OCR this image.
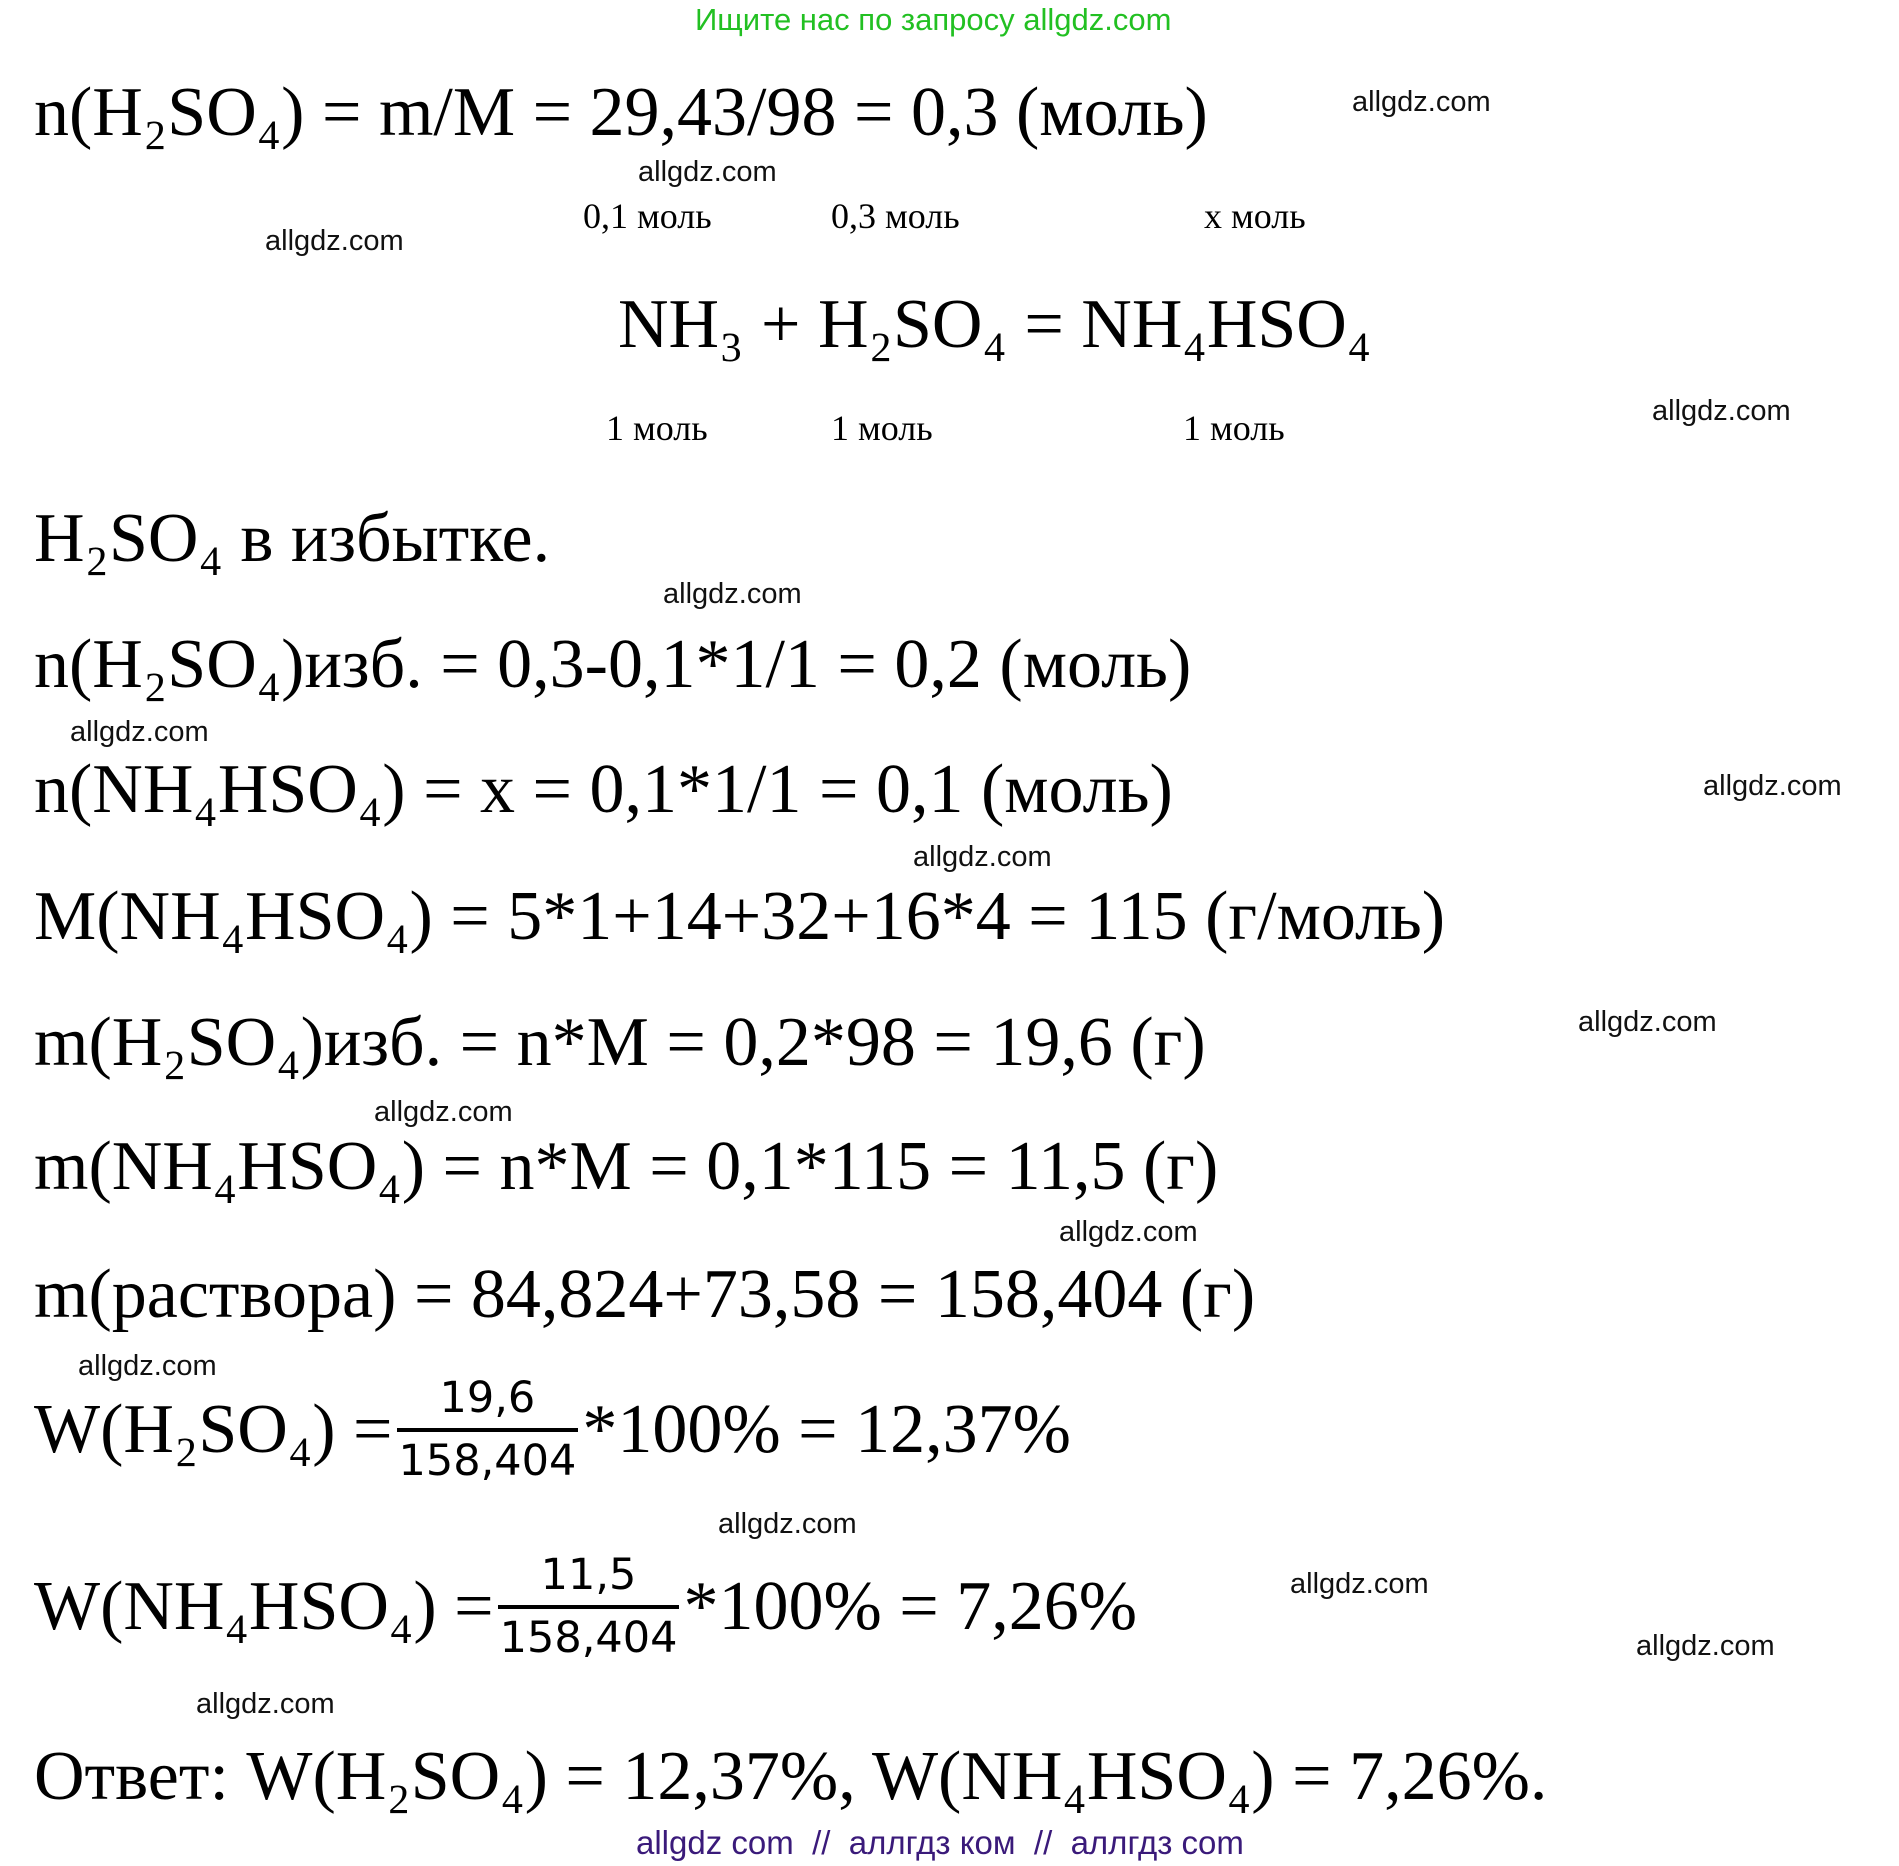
Ищите нас по запросу allgdz.com
n(H₂SO₄) = m/M = 29,43/98 = 0,3 (моль)	allgdz.com
allgdz.com
allgdz.com
0,1 моль	0,3 моль	x моль
NH₃ + H₂SO₄ = NH₄HSO₄
1 моль	1 моль	1 моль	allgdz.com
H₂SO₄ в избытке.
allgdz.com
n(H₂SO₄)изб. = 0,3-0,1*1/1 = 0,2 (моль)
allgdz.com
n(NH₄HSO₄) = x = 0,1*1/1 = 0,1 (моль)	allgdz.com
allgdz.com
M(NH₄HSO₄) = 5*1+14+32+16*4 = 115 (г/моль)
m(H₂SO₄)изб. = n*M = 0,2*98 = 19,6 (г)	allgdz.com
allgdz.com
m(NH₄HSO₄) = n*M = 0,1*115 = 11,5 (г)
allgdz.com
m(раствора) = 84,824+73,58 = 158,404 (г)
allgdz.com
$W(H_2SO_4) = \frac{19,6}{158,404} *100\% = 12,37\%$
allgdz.com
$W(NH_4HSO_4) = \frac{11,5}{158,404} *100\% = 7,26\%$	allgdz.com
allgdz.com
allgdz.com
Ответ: W(H₂SO₄) = 12,37%, W(NH₄HSO₄) = 7,26%.
allgdz com  //  аллгдз ком  //  аллгдз com
